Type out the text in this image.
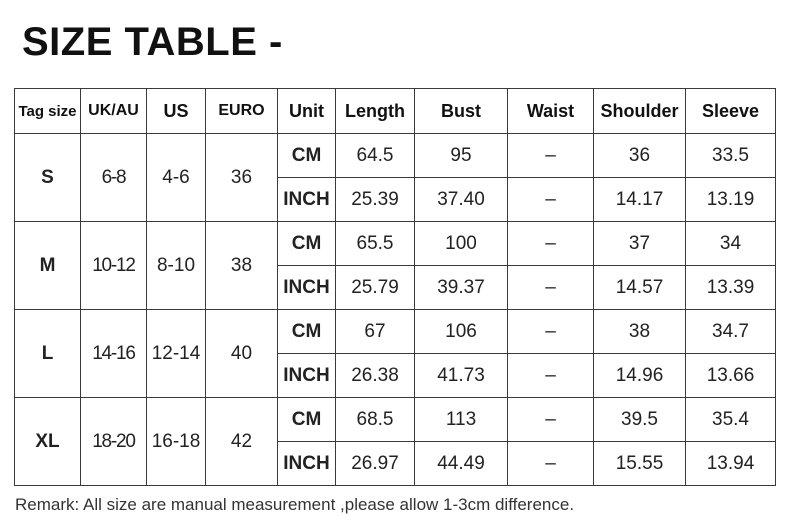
SIZE TABLE -
Tag size	UK/AU	US	EURO	Unit	Length	Bust	Waist	Shoulder	Sleeve
S	6-8	4-6	36	CM	64.5	95	–	36	33.5
				INCH	25.39	37.40	–	14.17	13.19
M	10-12	8-10	38	CM	65.5	100	–	37	34
				INCH	25.79	39.37	–	14.57	13.39
L	14-16	12-14	40	CM	67	106	–	38	34.7
				INCH	26.38	41.73	–	14.96	13.66
XL	18-20	16-18	42	CM	68.5	113	–	39.5	35.4
				INCH	26.97	44.49	–	15.55	13.94

Remark: All size are manual measurement ,please allow 1-3cm difference.
